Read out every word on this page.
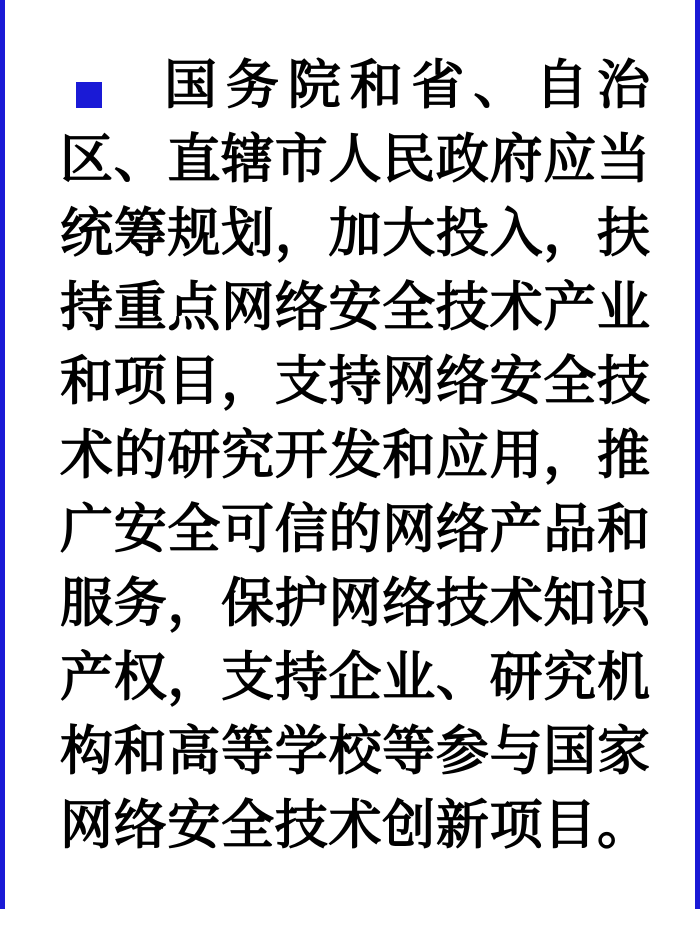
国务院和省、自治区、直辖市人民政府应当统筹规划，加大投入，扶持重点网络安全技术产业和项目，支持网络安全技术的研究开发和应用，推广安全可信的网络产品和服务，保护网络技术知识产权，支持企业、研究机构和高等学校等参与国家网络安全技术创新项目。
